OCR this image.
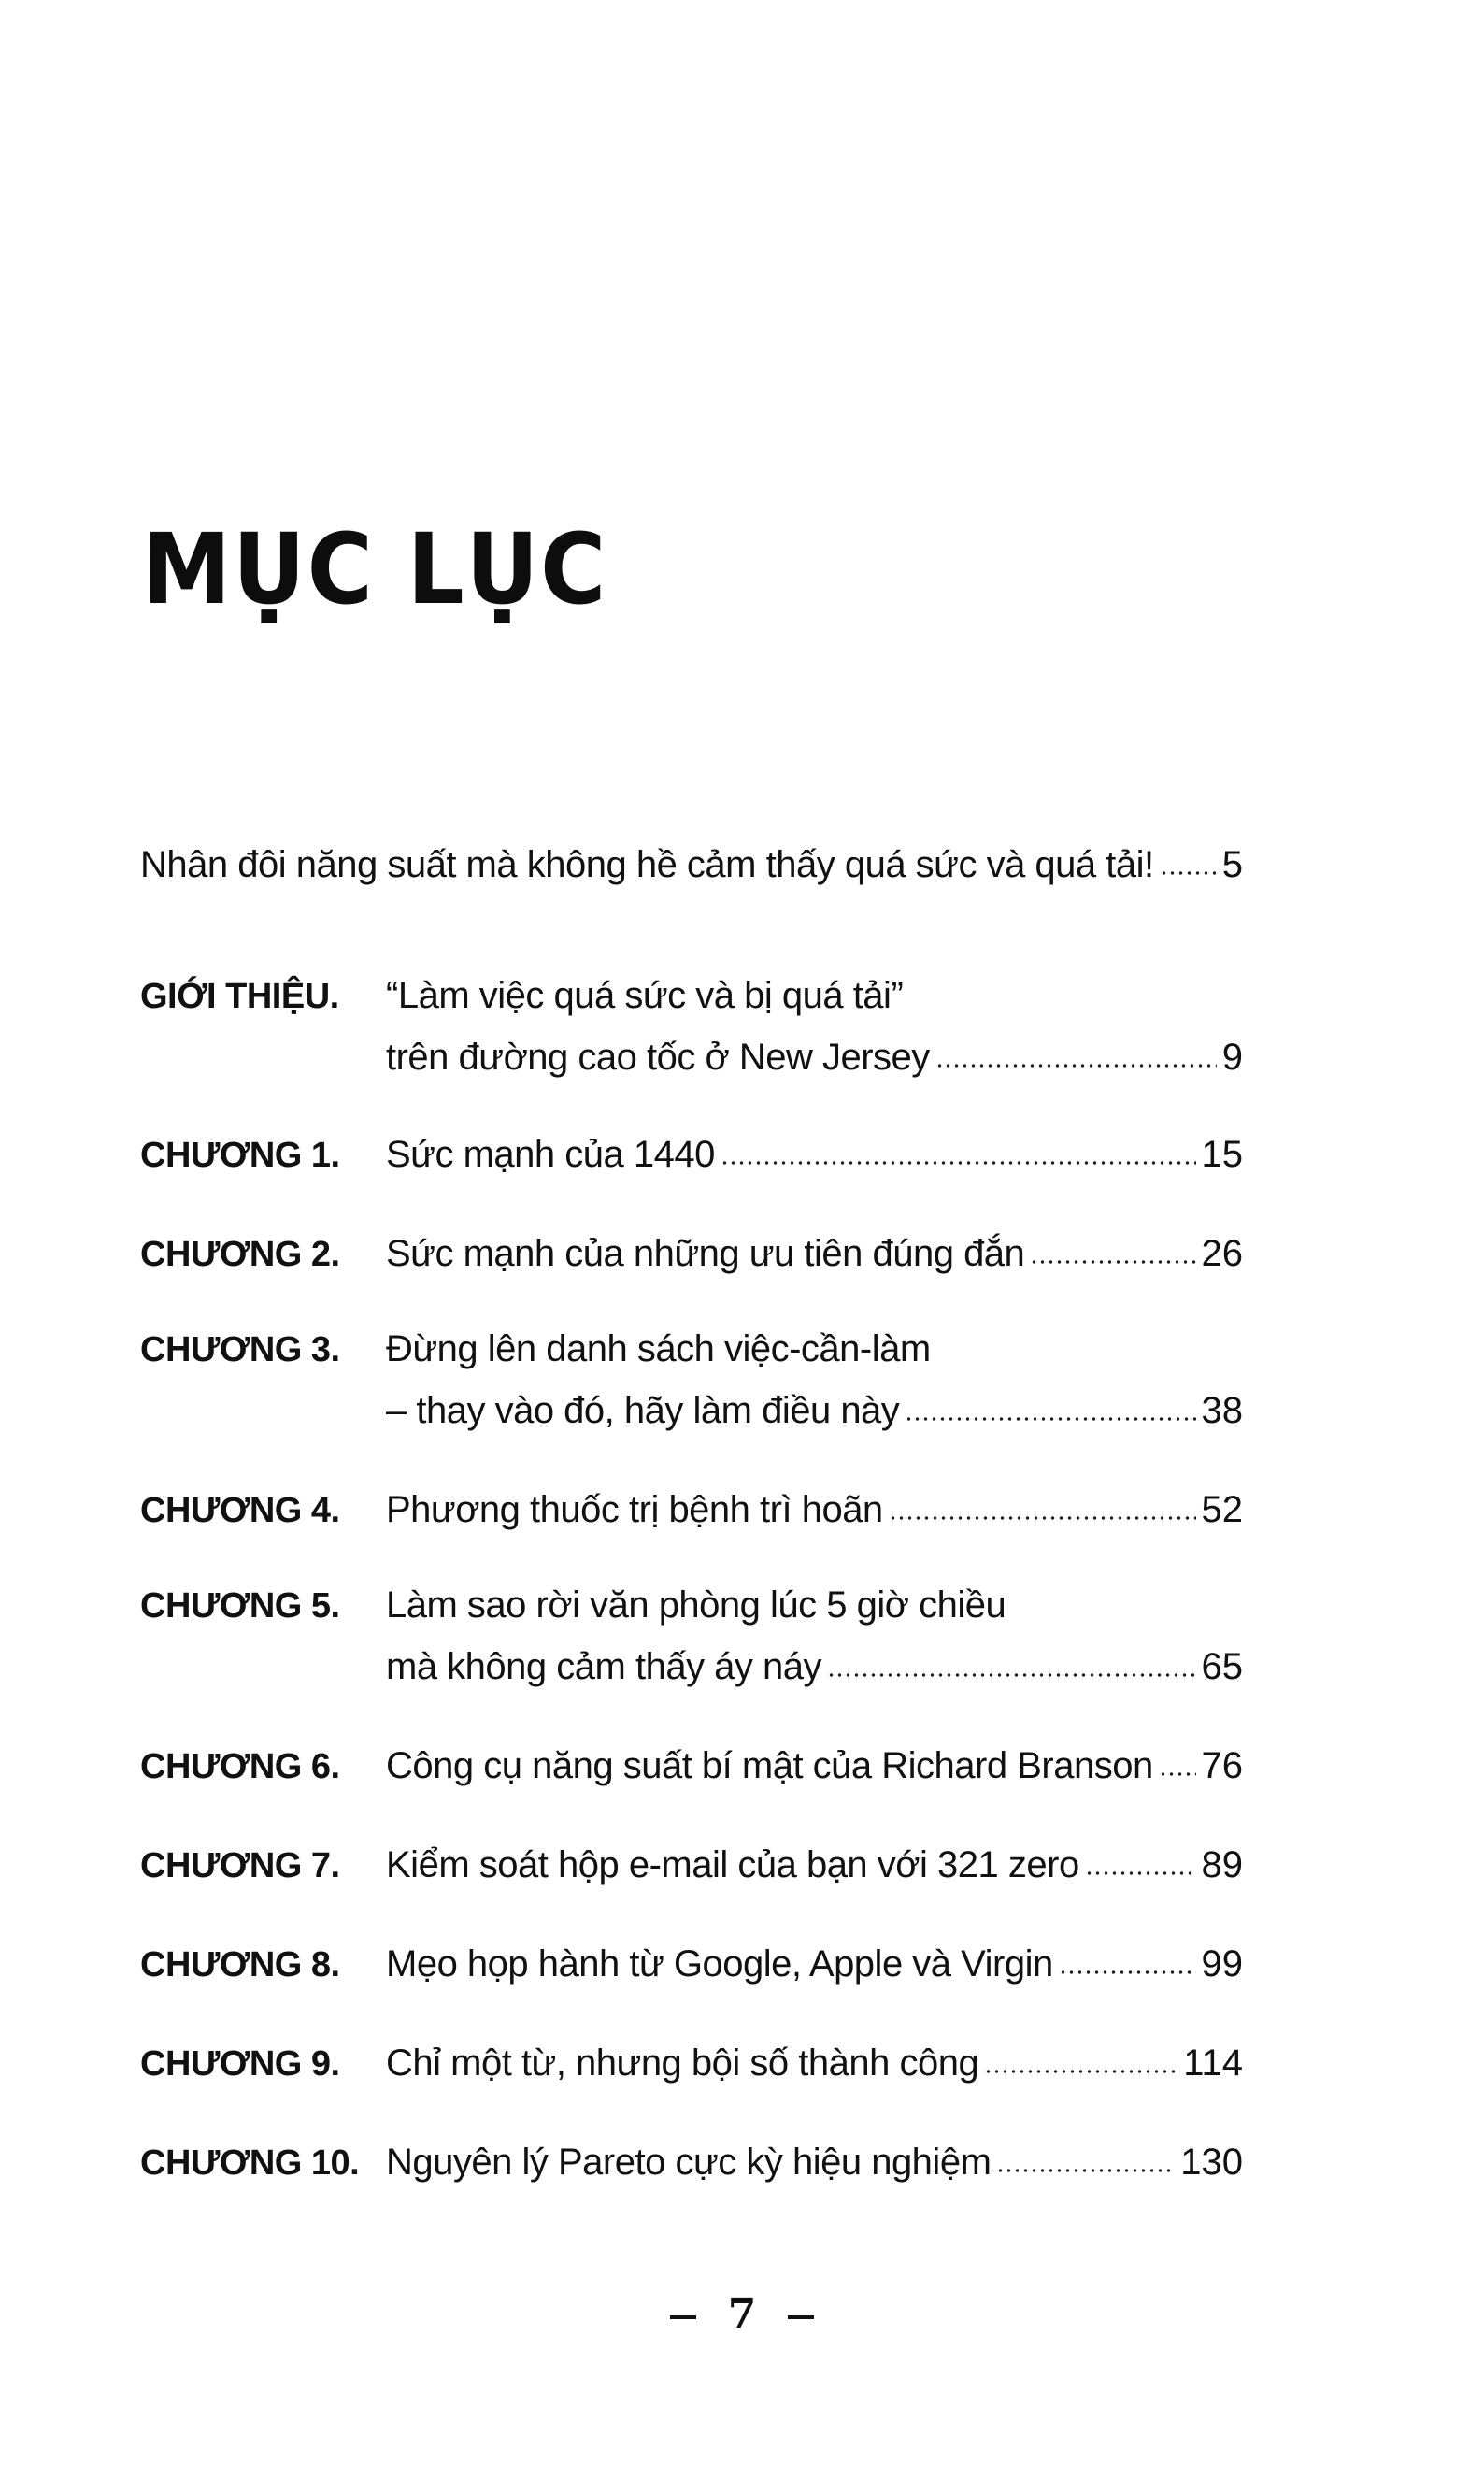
MỤC LỤC
Nhân đôi năng suất mà không hề cảm thấy quá sức và quá tải! 5
GIỚI THIỆU.	“Làm việc quá sức và bị quá tải”
trên đường cao tốc ở New Jersey	9
CHƯƠNG 1.	Sức mạnh của 1440	15
CHƯƠNG 2.	Sức mạnh của những ưu tiên đúng đắn	26
CHƯƠNG 3.	Đừng lên danh sách việc-cần-làm
– thay vào đó, hãy làm điều này	38
CHƯƠNG 4.	Phương thuốc trị bệnh trì hoãn	52
CHƯƠNG 5.	Làm sao rời văn phòng lúc 5 giờ chiều
mà không cảm thấy áy náy	65
CHƯƠNG 6.	Công cụ năng suất bí mật của Richard Branson 76
CHƯƠNG 7.	Kiểm soát hộp e-mail của bạn với 321 zero	89
CHƯƠNG 8.	Mẹo họp hành từ Google, Apple và Virgin	99
CHƯƠNG 9.	Chỉ một từ, nhưng bội số thành công	114
CHƯƠNG 10. Nguyên lý Pareto cực kỳ hiệu nghiệm	130
7
